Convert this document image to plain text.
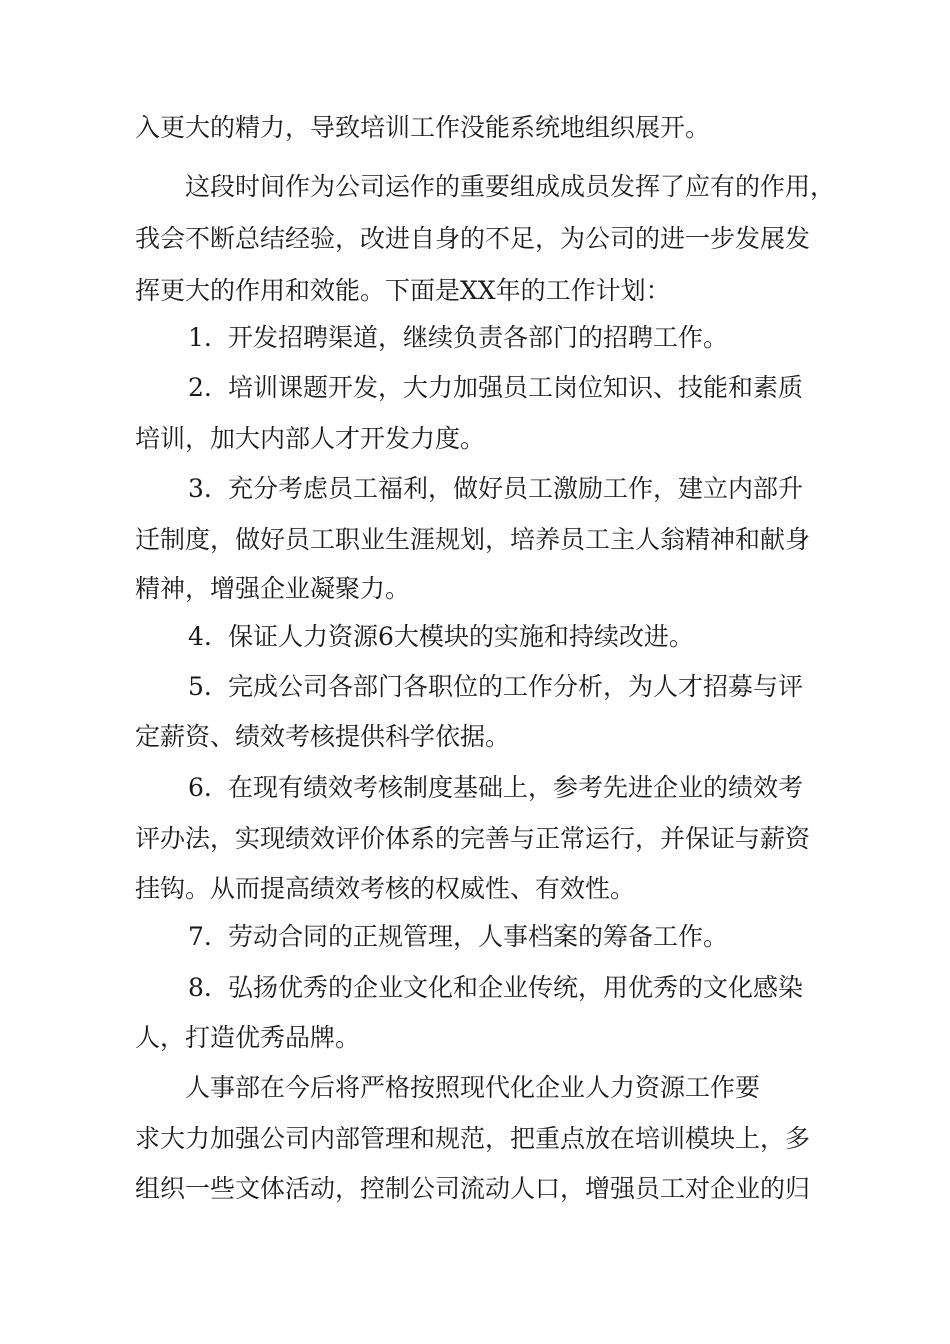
入更大的精力，导致培训工作没能系统地组织展开。
这段时间作为公司运作的重要组成成员发挥了应有的作用，
我会不断总结经验，改进自身的不足，为公司的进一步发展发
挥更大的作用和效能。下面是XX年的工作计划：
1. 开发招聘渠道，继续负责各部门的招聘工作。
2. 培训课题开发，大力加强员工岗位知识、技能和素质
培训，加大内部人才开发力度。
3. 充分考虑员工福利，做好员工激励工作，建立内部升
迁制度，做好员工职业生涯规划，培养员工主人翁精神和献身
精神，增强企业凝聚力。
4. 保证人力资源6大模块的实施和持续改进。
5. 完成公司各部门各职位的工作分析，为人才招募与评
定薪资、绩效考核提供科学依据。
6. 在现有绩效考核制度基础上，参考先进企业的绩效考
评办法，实现绩效评价体系的完善与正常运行，并保证与薪资
挂钩。从而提高绩效考核的权威性、有效性。
7. 劳动合同的正规管理，人事档案的筹备工作。
8. 弘扬优秀的企业文化和企业传统，用优秀的文化感染
人，打造优秀品牌。
人事部在今后将严格按照现代化企业人力资源工作要
求大力加强公司内部管理和规范，把重点放在培训模块上，多
组织一些文体活动，控制公司流动人口，增强员工对企业的归
